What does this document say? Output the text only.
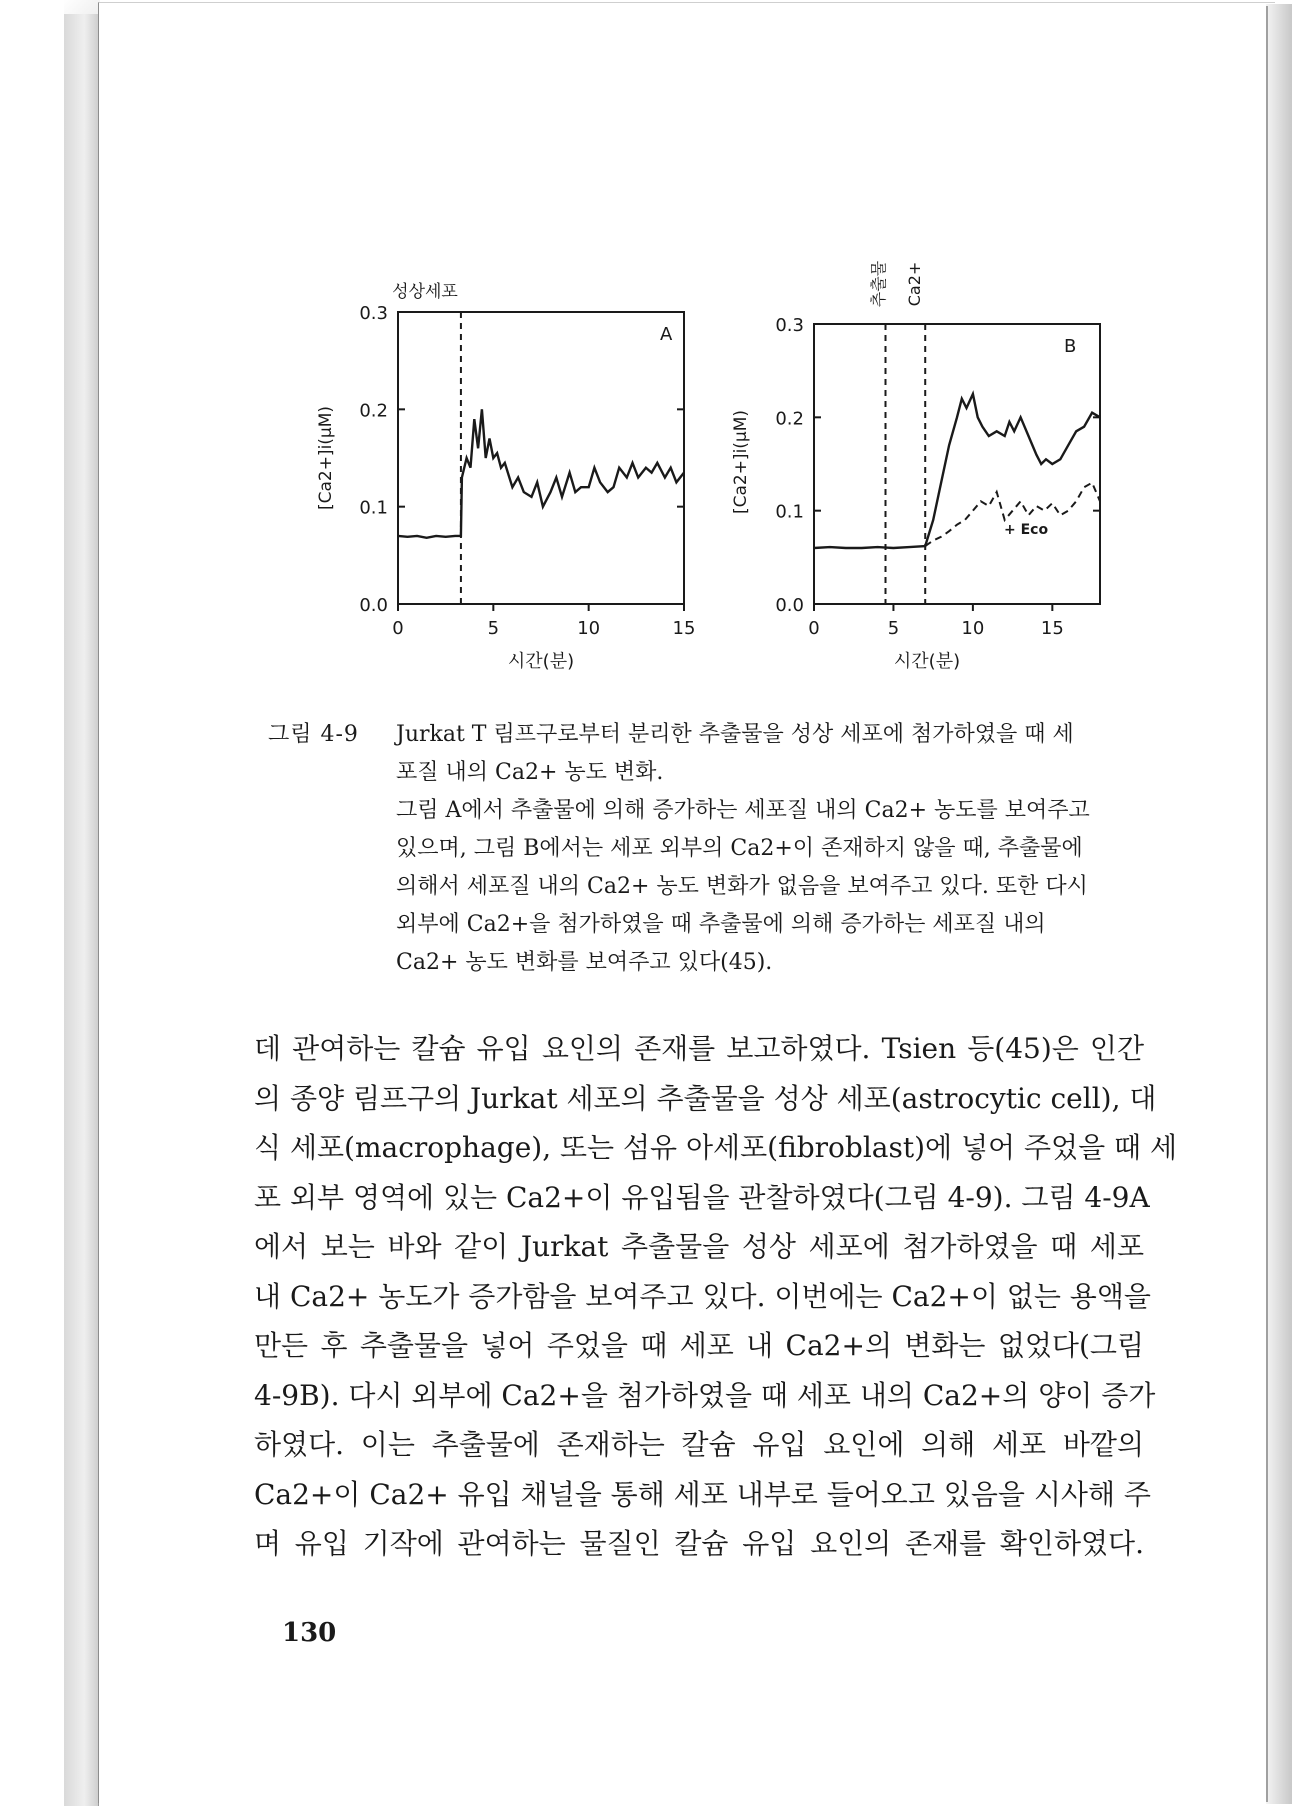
성상세포
A
[Ca2+]i(μM)
시간(분)
0.3
0.2
0.1
0.0
0	5	10	15
추출물 Ca2+
B
[Ca2+]i(μM)
시간(분)
+ Eco
0.3
0.2
0.1
0.0
0	5	10	15
그림 4-9 Jurkat T 림프구로부터 분리한 추출물을 성상 세포에 첨가하였을 때 세
포질 내의 Ca2+ 농도 변화.
그림 A에서 추출물에 의해 증가하는 세포질 내의 Ca2+ 농도를 보여주고
있으며, 그림 B에서는 세포 외부의 Ca2+이 존재하지 않을 때, 추출물에
의해서 세포질 내의 Ca2+ 농도 변화가 없음을 보여주고 있다. 또한 다시
외부에 Ca2+을 첨가하였을 때 추출물에 의해 증가하는 세포질 내의
Ca2+ 농도 변화를 보여주고 있다(45).
데 관여하는 칼슘 유입 요인의 존재를 보고하였다. Tsien 등(45)은 인간
의 종양 림프구의 Jurkat 세포의 추출물을 성상 세포(astrocytic cell), 대
식 세포(macrophage), 또는 섬유 아세포(fibroblast)에 넣어 주었을 때 세
포 외부 영역에 있는 Ca2+이 유입됨을 관찰하였다(그림 4-9). 그림 4-9A
에서 보는 바와 같이 Jurkat 추출물을 성상 세포에 첨가하였을 때 세포
내 Ca2+ 농도가 증가함을 보여주고 있다. 이번에는 Ca2+이 없는 용액을
만든 후 추출물을 넣어 주었을 때 세포 내 Ca2+의 변화는 없었다(그림
4-9B). 다시 외부에 Ca2+을 첨가하였을 때 세포 내의 Ca2+의 양이 증가
하였다. 이는 추출물에 존재하는 칼슘 유입 요인에 의해 세포 바깥의
Ca2+이 Ca2+ 유입 채널을 통해 세포 내부로 들어오고 있음을 시사해 주
며 유입 기작에 관여하는 물질인 칼슘 유입 요인의 존재를 확인하였다.
130
